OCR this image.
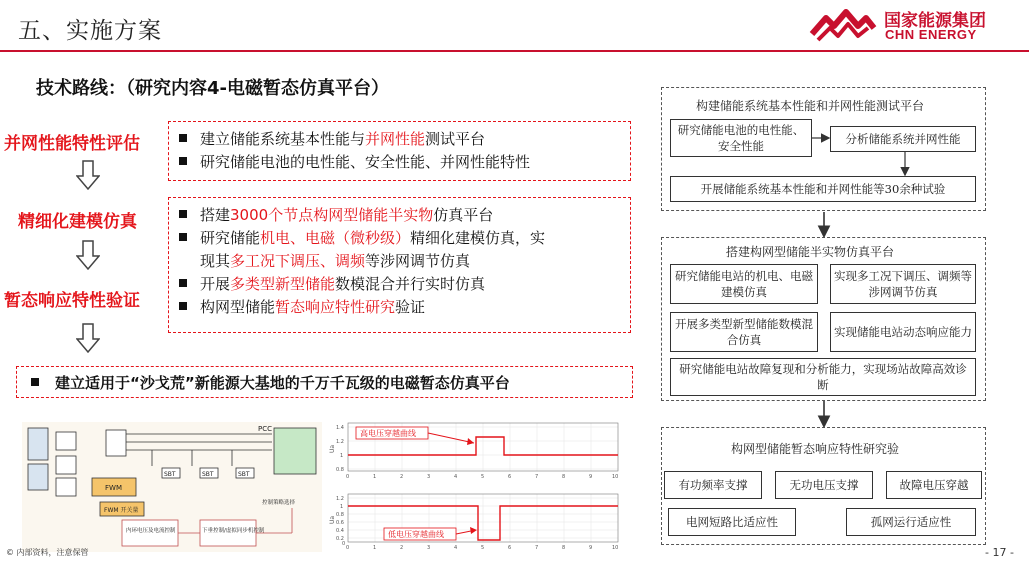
五、实施方案	国家能源集团
CHN ENERGY
技术路线：（研究内容4-电磁暂态仿真平台）
并网性能特性评估
精细化建模仿真
暂态响应特性验证
建立储能系统基本性能与并网性能测试平台
研究储能电池的电性能、安全性能、并网性能特性
搭建3000个节点构网型储能半实物仿真平台
研究储能机电、电磁（微秒级）精细化建模仿真，实
现其多工况下调压、调频等涉网调节仿真
开展多类型新型储能数模混合并行实时仿真
构网型储能暂态响应特性研究验证
建立适用于“沙戈荒”新能源大基地的千万千瓦级的电磁暂态仿真平台
FWM
FWM 开关量
SBT	SBT	SBT
PCC
内环电压及电流控制	下垂控制/虚拟同步机控制
控制策略选择
高电压穿越曲线
Ua
0	1	2	3	4	5	6	7	8	9	10
1.4
1.2
1
0.8
低电压穿越曲线
Ua
0	1	2	3	4	5	6	7	8	9	10
1.2
1
0.8
0.6
0.4
0.2
0
构建储能系统基本性能和并网性能测试平台
研究储能电池的电性能、安全性能	分析储能系统并网性能
开展储能系统基本性能和并网性能等30余种试验
搭建构网型储能半实物仿真平台
研究储能电站的机电、电磁建模仿真
实现多工况下调压、调频等涉网调节仿真
开展多类型新型储能数模混合仿真
实现储能电站动态响应能力
研究储能电站故障复现和分析能力，实现场站故障高效诊断
构网型储能暂态响应特性研究验
有功频率支撑	无功电压支撑	故障电压穿越
电网短路比适应性	孤网运行适应性
© 内部资料，注意保管	- 17 -
